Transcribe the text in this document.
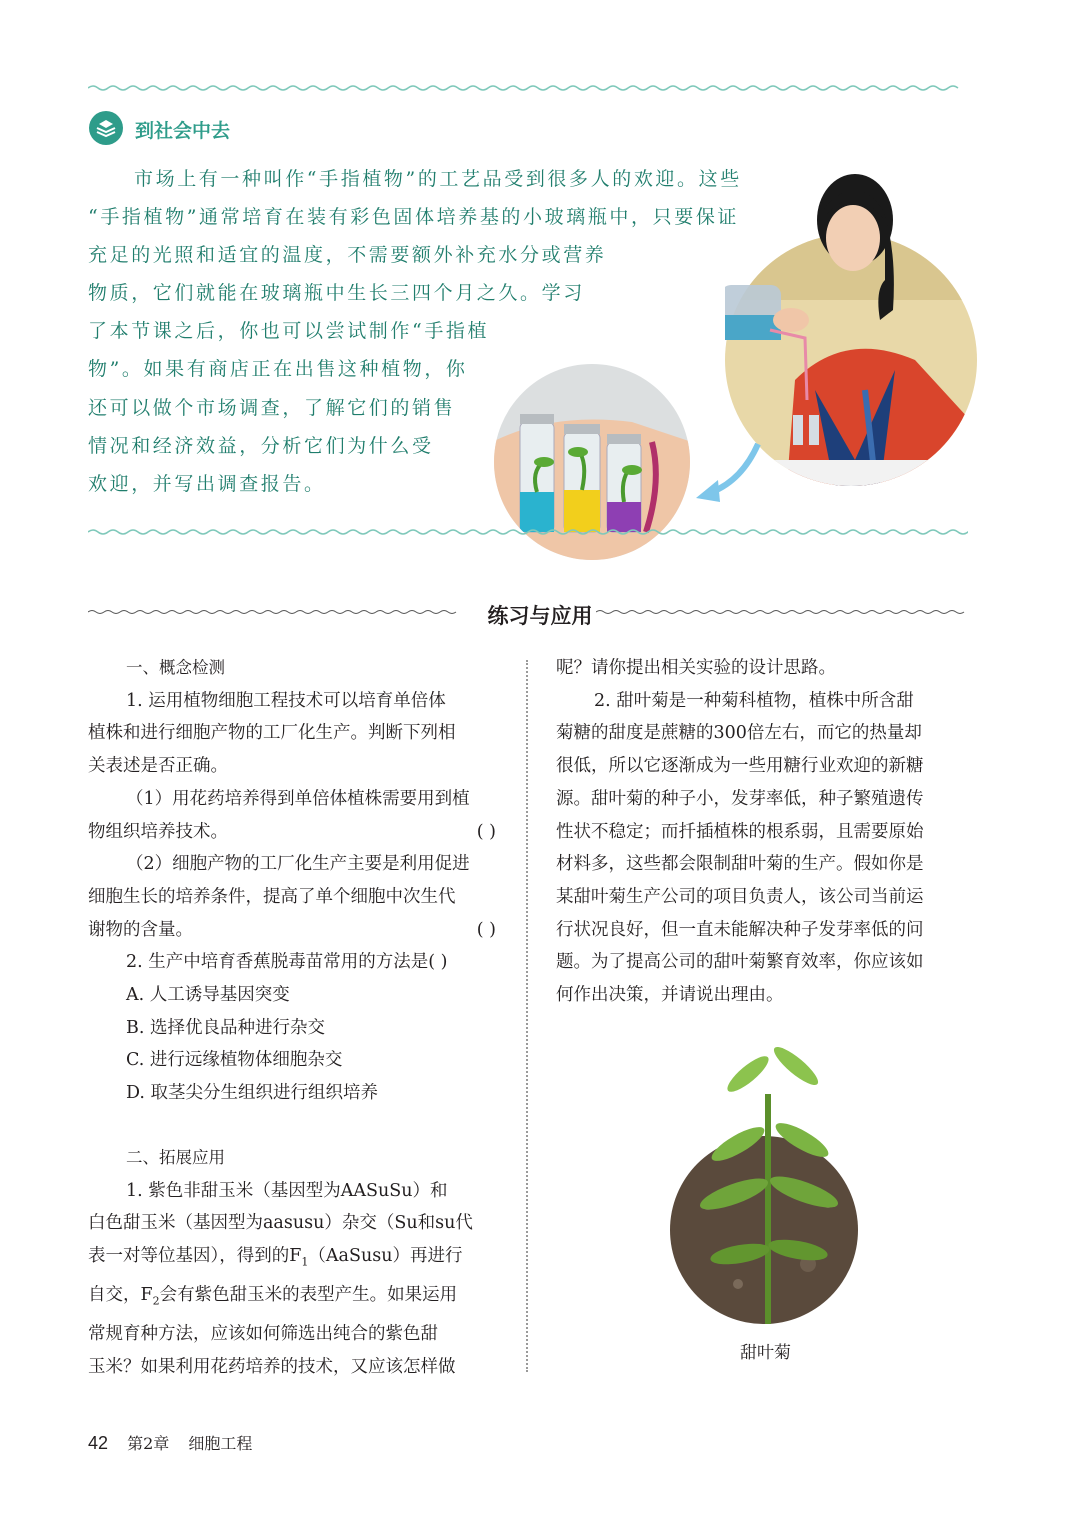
到社会中去
市场上有一种叫作“手指植物”的工艺品受到很多人的欢迎。这些
“手指植物”通常培育在装有彩色固体培养基的小玻璃瓶中，只要保证
充足的光照和适宜的温度，不需要额外补充水分或营养
物质，它们就能在玻璃瓶中生长三四个月之久。学习
了本节课之后，你也可以尝试制作“手指植
物”。如果有商店正在出售这种植物，你
还可以做个市场调查，了解它们的销售
情况和经济效益，分析它们为什么受
欢迎，并写出调查报告。
练习与应用
一、概念检测
1. 运用植物细胞工程技术可以培育单倍体
植株和进行细胞产物的工厂化生产。判断下列相
关表述是否正确。
（1）用花药培养得到单倍体植株需要用到植
物组织培养技术。	( )
（2）细胞产物的工厂化生产主要是利用促进
细胞生长的培养条件，提高了单个细胞中次生代
谢物的含量。	( )
2. 生产中培育香蕉脱毒苗常用的方法是( )
A. 人工诱导基因突变
B. 选择优良品种进行杂交
C. 进行远缘植物体细胞杂交
D. 取茎尖分生组织进行组织培养
二、拓展应用
1. 紫色非甜玉米（基因型为AASuSu）和
白色甜玉米（基因型为aasusu）杂交（Su和su代
表一对等位基因），得到的$F_1(AaSusu)$再进行
自交，$F_2$会有紫色甜玉米的表型产生。如果运用
常规育种方法，应该如何筛选出纯合的紫色甜
玉米？如果利用花药培养的技术，又应该怎样做
呢？请你提出相关实验的设计思路。
2. 甜叶菊是一种菊科植物，植株中所含甜
菊糖的甜度是蔗糖的300倍左右，而它的热量却
很低，所以它逐渐成为一些用糖行业欢迎的新糖
源。甜叶菊的种子小，发芽率低，种子繁殖遗传
性状不稳定；而扦插植株的根系弱，且需要原始
材料多，这些都会限制甜叶菊的生产。假如你是
某甜叶菊生产公司的项目负责人，该公司当前运
行状况良好，但一直未能解决种子发芽率低的问
题。为了提高公司的甜叶菊繁育效率，你应该如
何作出决策，并请说出理由。
甜叶菊
42 第2章 细胞工程
